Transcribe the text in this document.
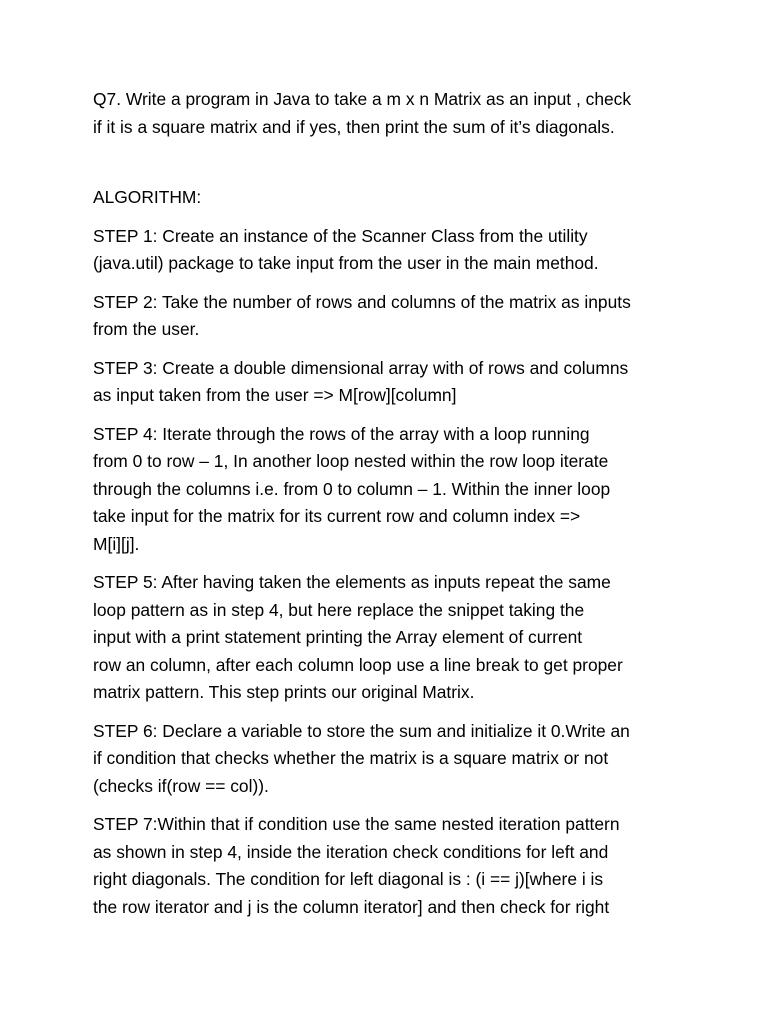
Q7. Write a program in Java to take a m x n Matrix as an input , check
if it is a square matrix and if yes, then print the sum of it’s diagonals.

ALGORITHM:

STEP 1: Create an instance of the Scanner Class from the utility
(java.util) package to take input from the user in the main method.

STEP 2: Take the number of rows and columns of the matrix as inputs
from the user.

STEP 3: Create a double dimensional array with of rows and columns
as input taken from the user => M[row][column]

STEP 4: Iterate through the rows of the array with a loop running
from 0 to row – 1, In another loop nested within the row loop iterate
through the columns i.e. from 0 to column – 1. Within the inner loop
take input for the matrix for its current row and column index =>
M[i][j].

STEP 5: After having taken the elements as inputs repeat the same
loop pattern as in step 4, but here replace the snippet taking the
input with a print statement printing the Array element of current
row an column, after each column loop use a line break to get proper
matrix pattern. This step prints our original Matrix.

STEP 6: Declare a variable to store the sum and initialize it 0.Write an
if condition that checks whether the matrix is a square matrix or not
(checks if(row == col)).

STEP 7:Within that if condition use the same nested iteration pattern
as shown in step 4, inside the iteration check conditions for left and
right diagonals. The condition for left diagonal is : (i == j)[where i is
the row iterator and j is the column iterator] and then check for right
